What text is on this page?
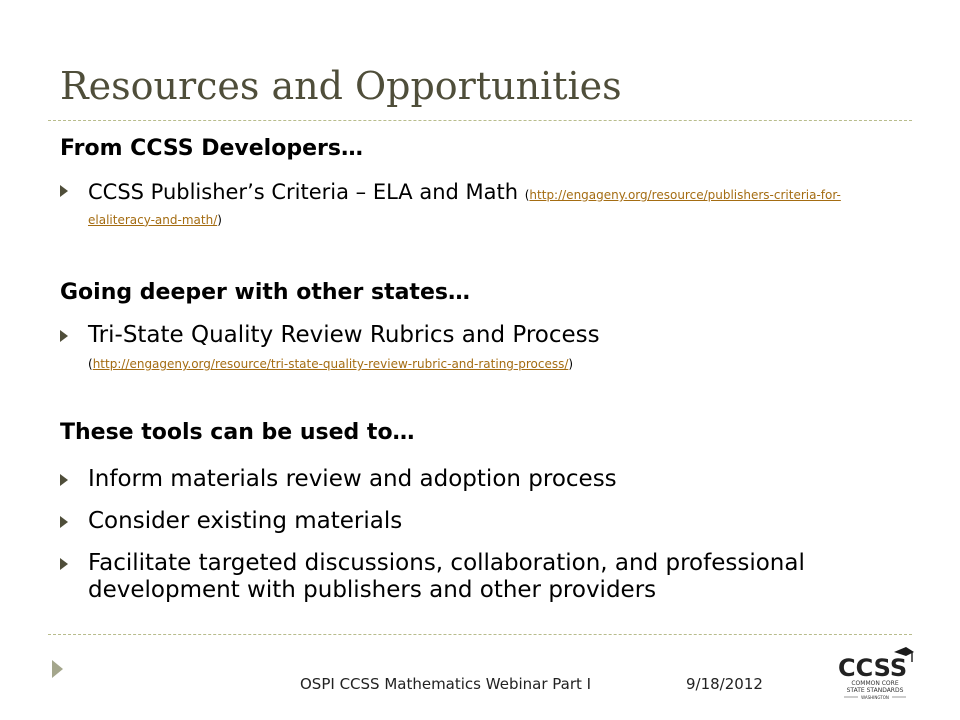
Resources and Opportunities
From CCSS Developers…
CCSS Publisher’s Criteria – ELA and Math (http://engageny.org/resource/publishers-criteria-for-elaliteracy-and-math/)
Going deeper with other states…
Tri-State Quality Review Rubrics and Process
(http://engageny.org/resource/tri-state-quality-review-rubric-and-rating-process/)
These tools can be used to…
Inform materials review and adoption process
Consider existing materials
Facilitate targeted discussions, collaboration, and professional development with publishers and other providers
OSPI CCSS Mathematics Webinar Part I	9/18/2012
CCSS
COMMON CORE
STATE STANDARDS
WASHINGTON
